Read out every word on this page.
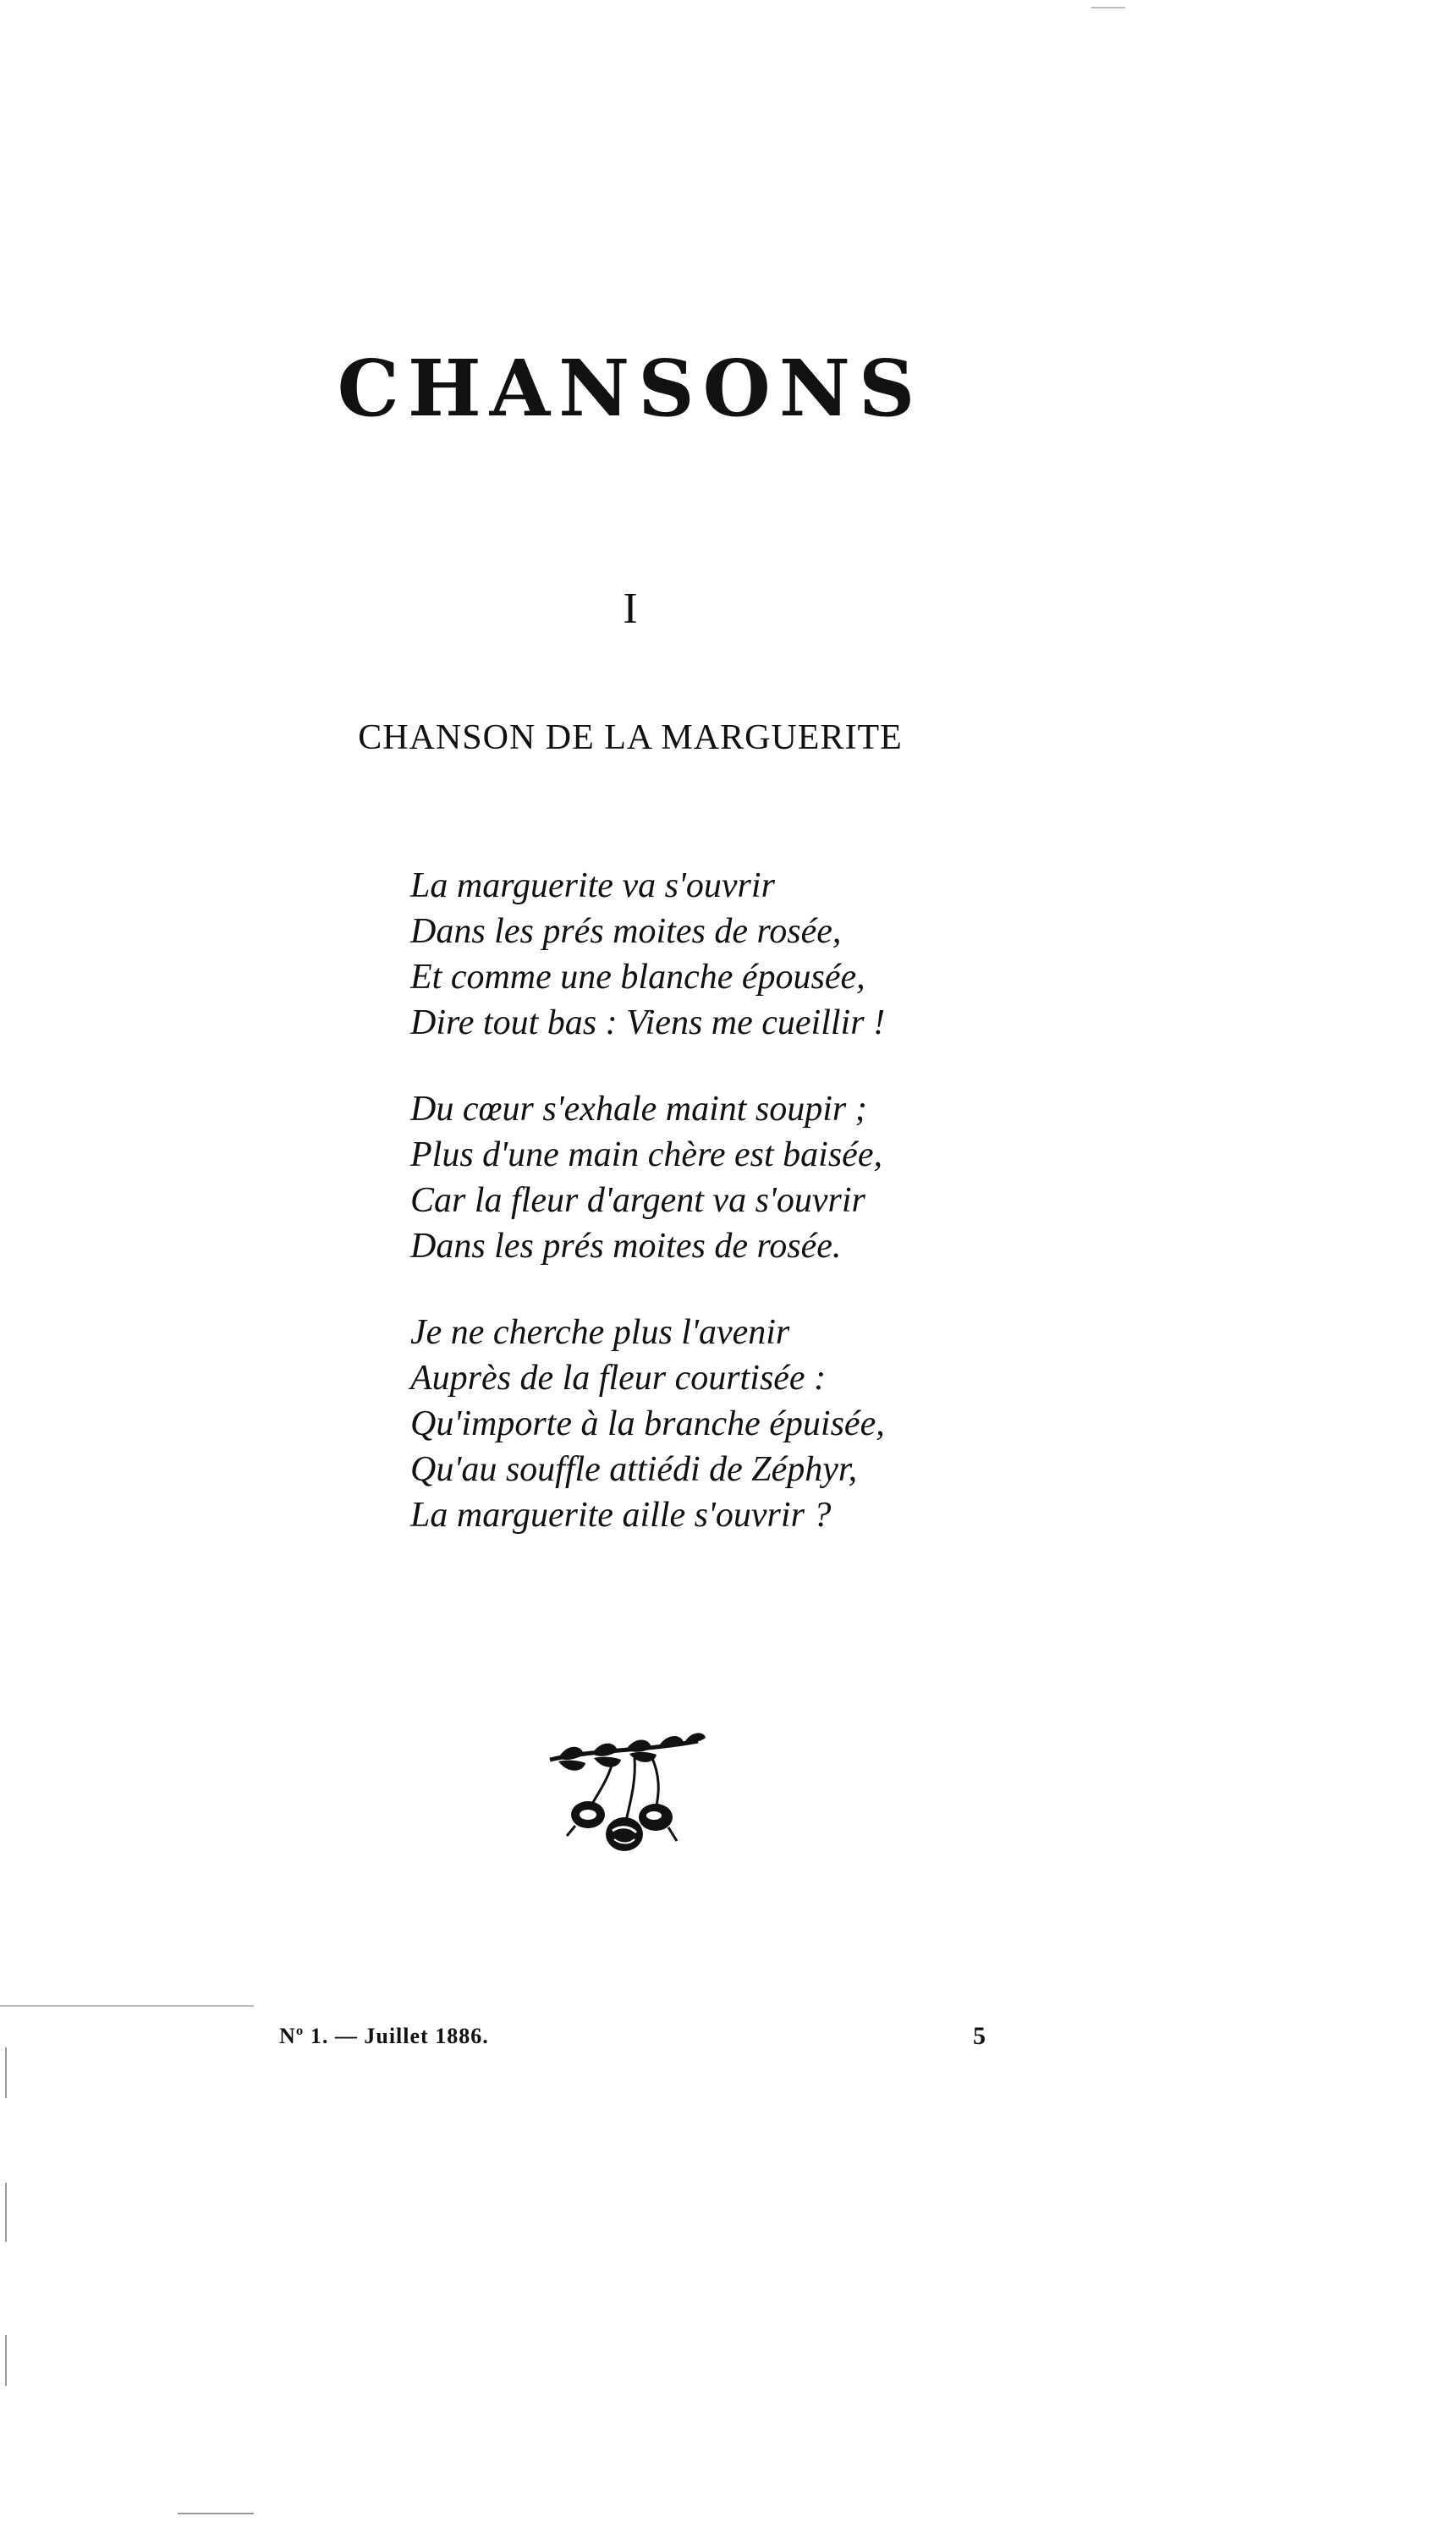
CHANSONS
I
CHANSON DE LA MARGUERITE
La marguerite va s'ouvrir
Dans les prés moites de rosée,
Et comme une blanche épousée,
Dire tout bas : Viens me cueillir !
Du cœur s'exhale maint soupir ;
Plus d'une main chère est baisée,
Car la fleur d'argent va s'ouvrir
Dans les prés moites de rosée.
Je ne cherche plus l'avenir
Auprès de la fleur courtisée :
Qu'importe à la branche épuisée,
Qu'au souffle attiédi de Zéphyr,
La marguerite aille s'ouvrir ?
Nº 1. — Juillet 1886.	5
